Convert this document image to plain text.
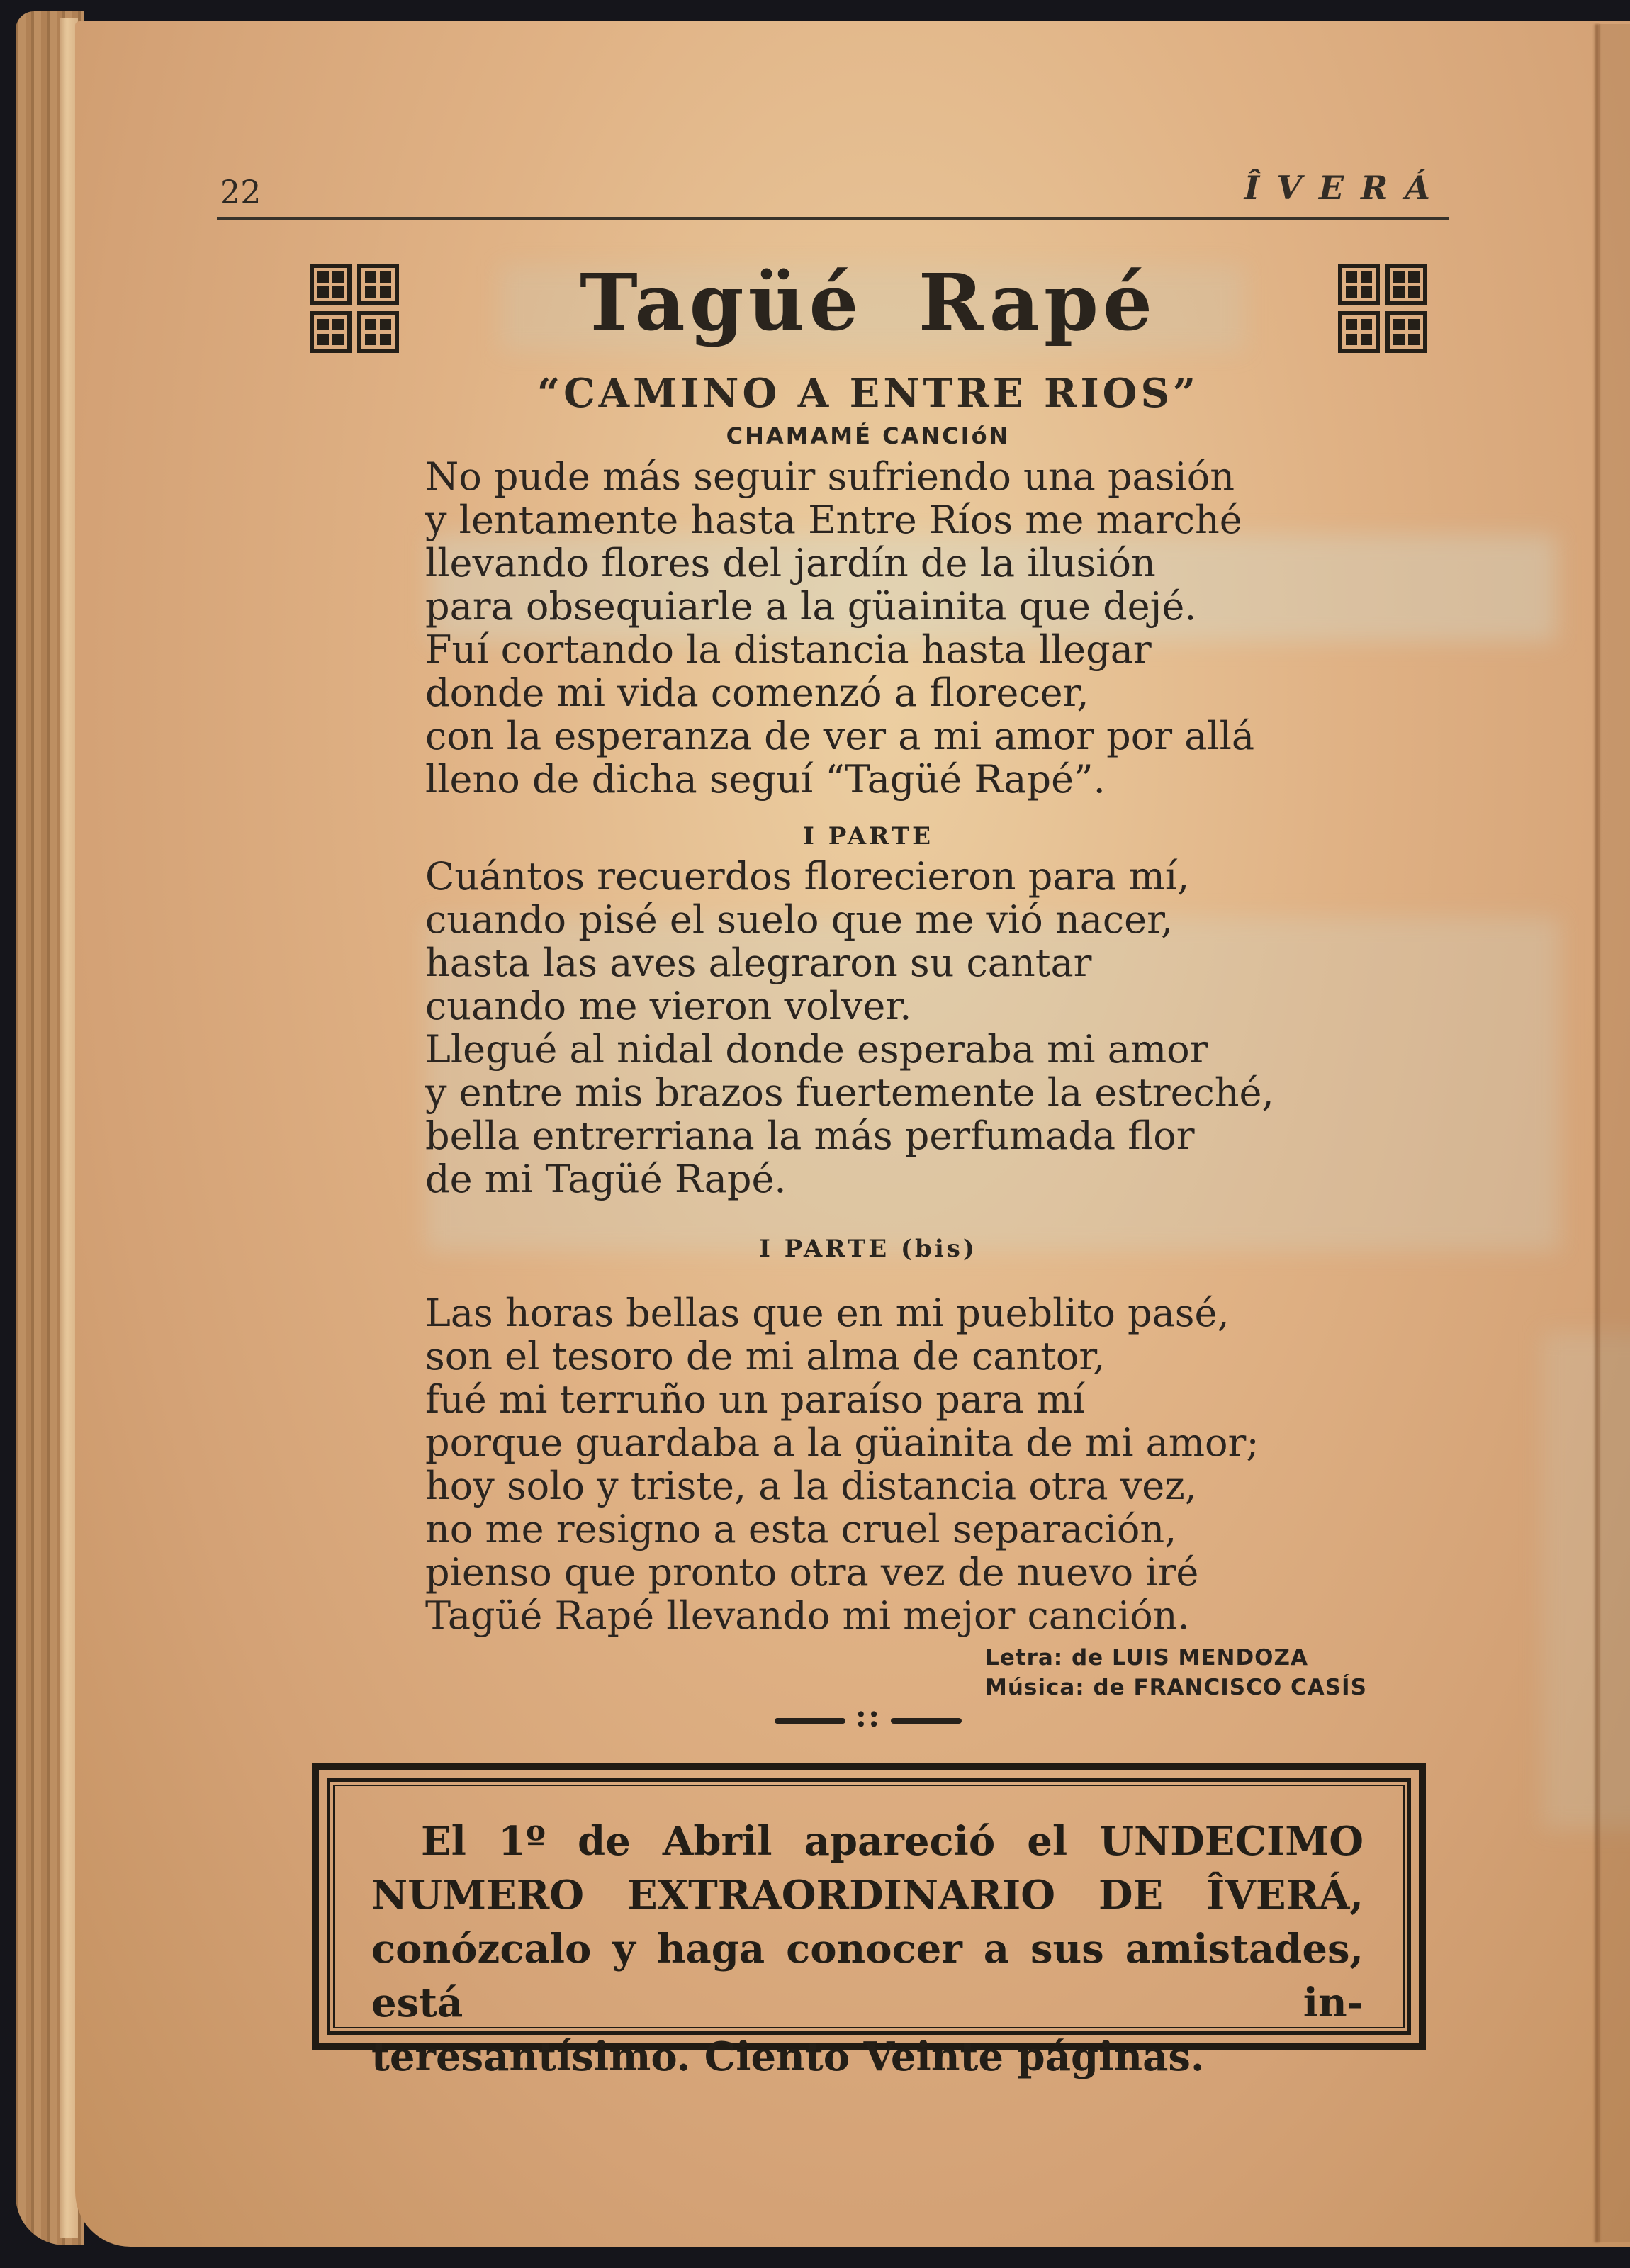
22	ÎVERÁ
Tagüé Rapé
“CAMINO A ENTRE RIOS”
CHAMAMÉ CANCIóN
No pude más seguir sufriendo una pasión
y lentamente hasta Entre Ríos me marché
llevando flores del jardín de la ilusión
para obsequiarle a la güainita que dejé.
Fuí cortando la distancia hasta llegar
donde mi vida comenzó a florecer,
con la esperanza de ver a mi amor por allá
lleno de dicha seguí “Tagüé Rapé”.
I PARTE
Cuántos recuerdos florecieron para mí,
cuando pisé el suelo que me vió nacer,
hasta las aves alegraron su cantar
cuando me vieron volver.
Llegué al nidal donde esperaba mi amor
y entre mis brazos fuertemente la estreché,
bella entrerriana la más perfumada flor
de mi Tagüé Rapé.
I PARTE (bis)
Las horas bellas que en mi pueblito pasé,
son el tesoro de mi alma de cantor,
fué mi terruño un paraíso para mí
porque guardaba a la güainita de mi amor;
hoy solo y triste, a la distancia otra vez,
no me resigno a esta cruel separación,
pienso que pronto otra vez de nuevo iré
Tagüé Rapé llevando mi mejor canción.
Letra: de LUIS MENDOZA
Música: de FRANCISCO CASÍS
::
El 1º de Abril apareció el UNDECIMO
NUMERO EXTRAORDINARIO DE ÎVERÁ,
conózcalo y haga conocer a sus amistades, está in-
teresantísimo. Ciento Veinte páginas.
